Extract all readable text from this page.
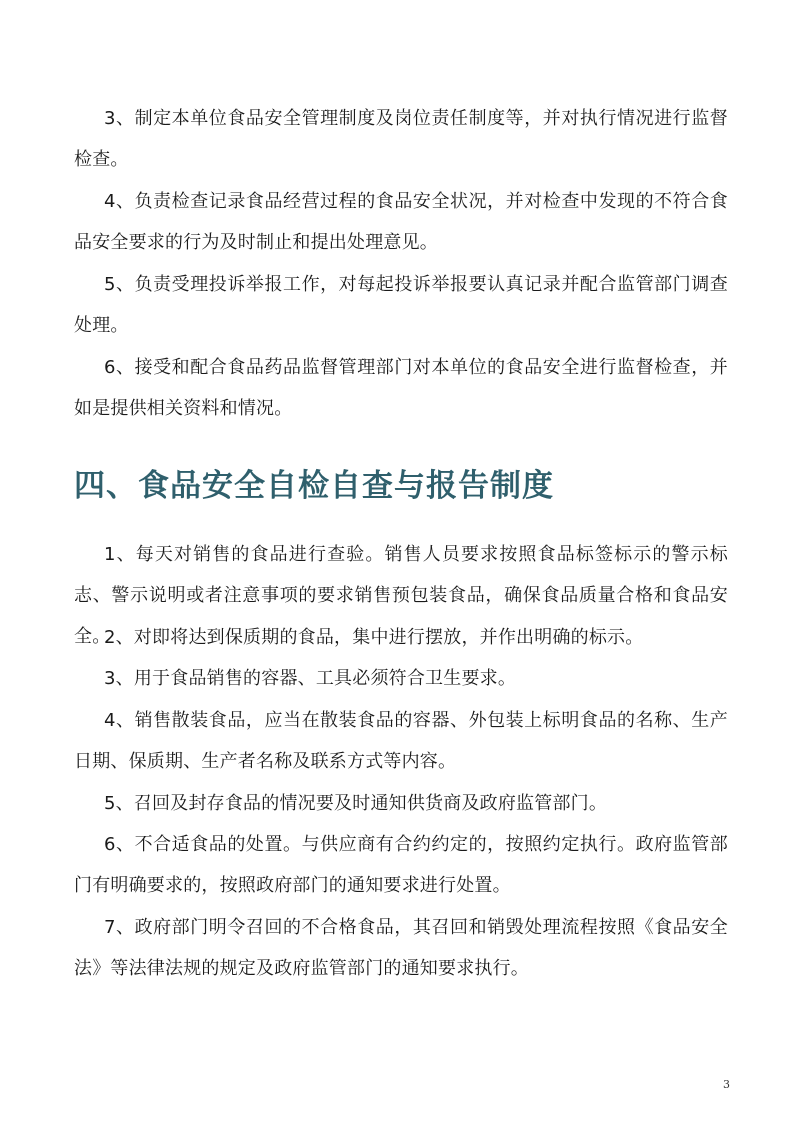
3、制定本单位食品安全管理制度及岗位责任制度等，并对执行情况进行监督检查。

4、负责检查记录食品经营过程的食品安全状况，并对检查中发现的不符合食品安全要求的行为及时制止和提出处理意见。

5、负责受理投诉举报工作，对每起投诉举报要认真记录并配合监管部门调查处理。

6、接受和配合食品药品监督管理部门对本单位的食品安全进行监督检查，并如是提供相关资料和情况。

四、食品安全自检自查与报告制度

1、每天对销售的食品进行查验。销售人员要求按照食品标签标示的警示标志、警示说明或者注意事项的要求销售预包装食品，确保食品质量合格和食品安全。

2、对即将达到保质期的食品，集中进行摆放，并作出明确的标示。

3、用于食品销售的容器、工具必须符合卫生要求。

4、销售散装食品，应当在散装食品的容器、外包装上标明食品的名称、生产日期、保质期、生产者名称及联系方式等内容。

5、召回及封存食品的情况要及时通知供货商及政府监管部门。

6、不合适食品的处置。与供应商有合约约定的，按照约定执行。政府监管部门有明确要求的，按照政府部门的通知要求进行处置。

7、政府部门明令召回的不合格食品，其召回和销毁处理流程按照《食品安全法》等法律法规的规定及政府监管部门的通知要求执行。

3
